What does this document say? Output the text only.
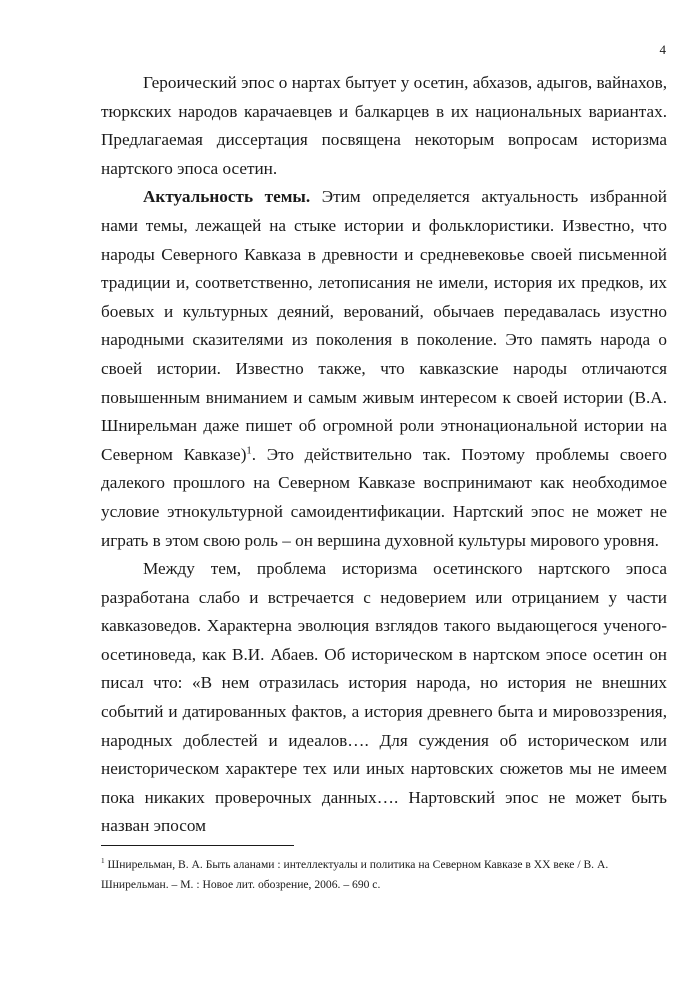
4

Героический эпос о нартах бытует у осетин, абхазов, адыгов, вайнахов, тюркских народов карачаевцев и балкарцев в их национальных вариантах. Предлагаемая диссертация посвящена некоторым вопросам историзма нартского эпоса осетин.

Актуальность темы. Этим определяется актуальность избранной нами темы, лежащей на стыке истории и фольклористики. Известно, что народы Северного Кавказа в древности и средневековье своей письменной традиции и, соответственно, летописания не имели, история их предков, их боевых и культурных деяний, верований, обычаев передавалась изустно народными сказителями из поколения в поколение. Это память народа о своей истории. Известно также, что кавказские народы отличаются повышенным вниманием и самым живым интересом к своей истории (В.А. Шнирельман даже пишет об огромной роли этнонациональной истории на Северном Кавказе)$^1$. Это действительно так. Поэтому проблемы своего далекого прошлого на Северном Кавказе воспринимают как необходимое условие этнокультурной самоидентификации. Нартский эпос не может не играть в этом свою роль – он вершина духовной культуры мирового уровня.

Между тем, проблема историзма осетинского нартского эпоса разработана слабо и встречается с недоверием или отрицанием у части кавказоведов. Характерна эволюция взглядов такого выдающегося ученого-осетиноведа, как В.И. Абаев. Об историческом в нартском эпосе осетин он писал что: «В нем отразилась история народа, но история не внешних событий и датированных фактов, а история древнего быта и мировоззрения, народных доблестей и идеалов…. Для суждения об историческом или неисторическом характере тех или иных нартовских сюжетов мы не имеем пока никаких проверочных данных…. Нартовский эпос не может быть назван эпосом

$^1$ Шнирельман, В. А. Быть аланами : интеллектуалы и политика на Северном Кавказе в XX веке / В. А. Шнирельман. – М. : Новое лит. обозрение, 2006. – 690 с.
